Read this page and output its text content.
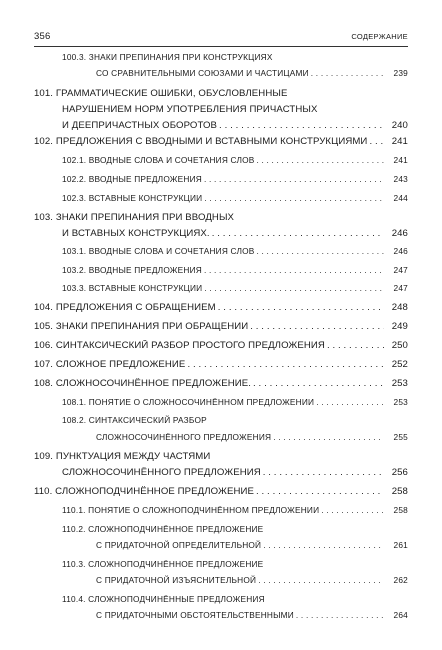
356	СОДЕРЖАНИЕ
100.3. ЗНАКИ ПРЕПИНАНИЯ ПРИ КОНСТРУКЦИЯХ
СО СРАВНИТЕЛЬНЫМИ СОЮЗАМИ И ЧАСТИЦАМИ . . .	239
101. ГРАММАТИЧЕСКИЕ ОШИБКИ, ОБУСЛОВЛЕННЫЕ
НАРУШЕНИЕМ НОРМ УПОТРЕБЛЕНИЯ ПРИЧАСТНЫХ
И ДЕЕПРИЧАСТНЫХ ОБОРОТОВ . . .	240
102. ПРЕДЛОЖЕНИЯ С ВВОДНЫМИ И ВСТАВНЫМИ КОНСТРУКЦИЯМИ . . .	241
102.1. ВВОДНЫЕ СЛОВА И СОЧЕТАНИЯ СЛОВ . . .	241
102.2. ВВОДНЫЕ ПРЕДЛОЖЕНИЯ . . .	243
102.3. ВСТАВНЫЕ КОНСТРУКЦИИ . . .	244
103. ЗНАКИ ПРЕПИНАНИЯ ПРИ ВВОДНЫХ
И ВСТАВНЫХ КОНСТРУКЦИЯХ. . . .	246
103.1. ВВОДНЫЕ СЛОВА И СОЧЕТАНИЯ СЛОВ . . .	246
103.2. ВВОДНЫЕ ПРЕДЛОЖЕНИЯ . . .	247
103.3. ВСТАВНЫЕ КОНСТРУКЦИИ . . .	247
104. ПРЕДЛОЖЕНИЯ С ОБРАЩЕНИЕМ . . .	248
105. ЗНАКИ ПРЕПИНАНИЯ ПРИ ОБРАЩЕНИИ . . .	249
106. СИНТАКСИЧЕСКИЙ РАЗБОР ПРОСТОГО ПРЕДЛОЖЕНИЯ . . .	250
107. СЛОЖНОЕ ПРЕДЛОЖЕНИЕ . . .	252
108. СЛОЖНОСОЧИНЁННОЕ ПРЕДЛОЖЕНИЕ. . . .	253
108.1. ПОНЯТИЕ О СЛОЖНОСОЧИНЁННОМ ПРЕДЛОЖЕНИИ . . .	253
108.2. СИНТАКСИЧЕСКИЙ РАЗБОР
СЛОЖНОСОЧИНЁННОГО ПРЕДЛОЖЕНИЯ . . .	255
109. ПУНКТУАЦИЯ МЕЖДУ ЧАСТЯМИ
СЛОЖНОСОЧИНЁННОГО ПРЕДЛОЖЕНИЯ . . .	256
110. СЛОЖНОПОДЧИНЁННОЕ ПРЕДЛОЖЕНИЕ . . .	258
110.1. ПОНЯТИЕ О СЛОЖНОПОДЧИНЁННОМ ПРЕДЛОЖЕНИИ . . .	258
110.2. СЛОЖНОПОДЧИНЁННОЕ ПРЕДЛОЖЕНИЕ
С ПРИДАТОЧНОЙ ОПРЕДЕЛИТЕЛЬНОЙ . . .	261
110.3. СЛОЖНОПОДЧИНЁННОЕ ПРЕДЛОЖЕНИЕ
С ПРИДАТОЧНОЙ ИЗЪЯСНИТЕЛЬНОЙ . . .	262
110.4. СЛОЖНОПОДЧИНЁННЫЕ ПРЕДЛОЖЕНИЯ
С ПРИДАТОЧНЫМИ ОБСТОЯТЕЛЬСТВЕННЫМИ . . .	264
